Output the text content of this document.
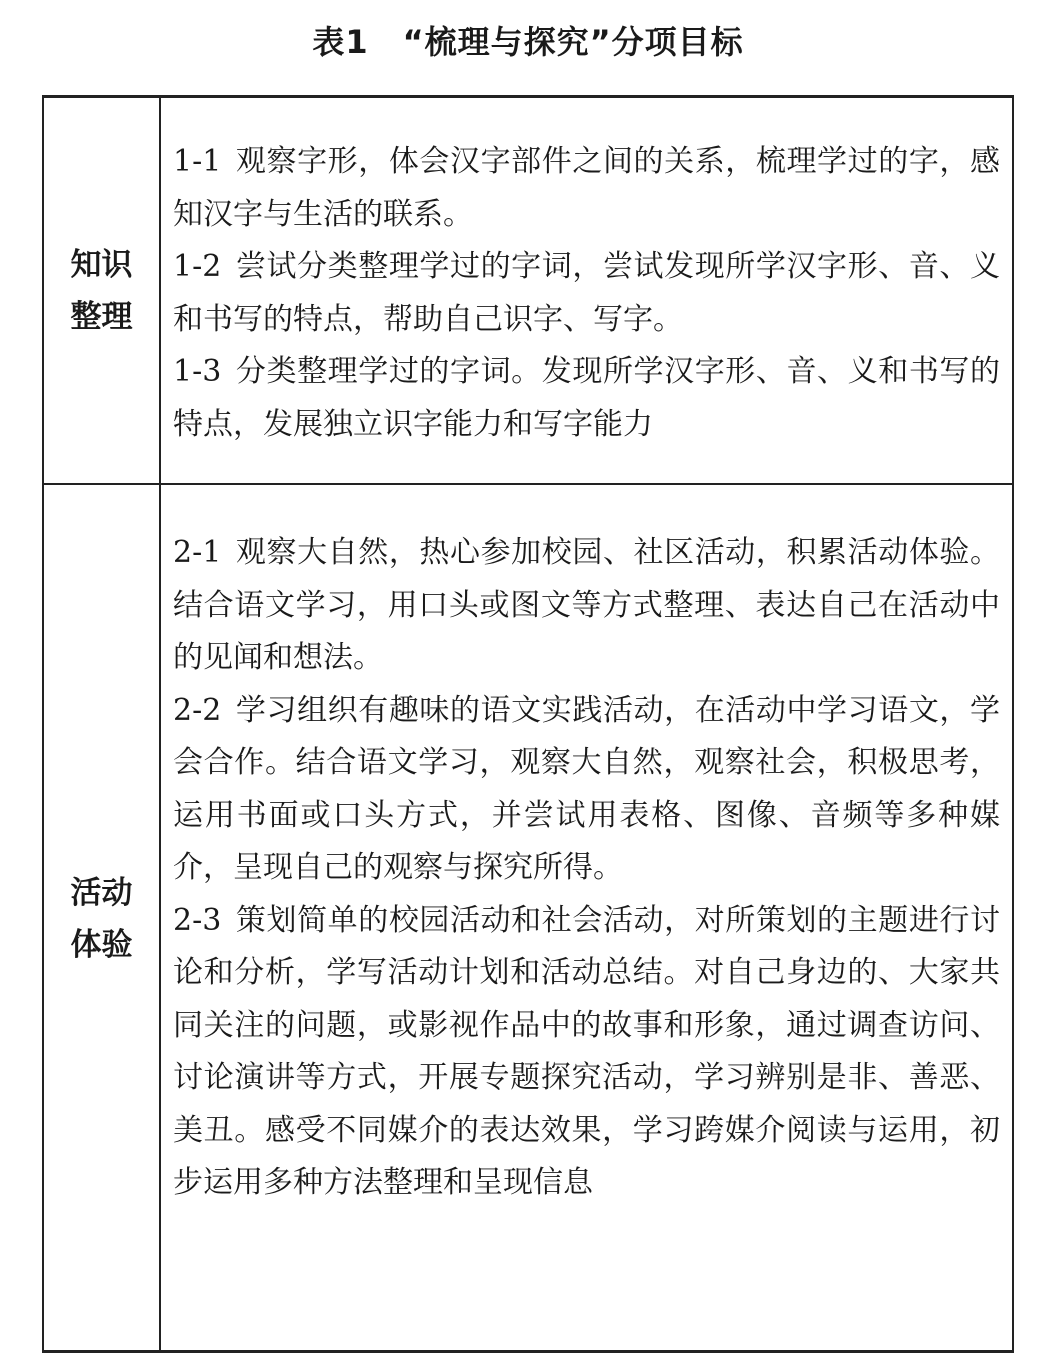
表1 “梳理与探究”分项目标
知识整理

1-1 观察字形，体会汉字部件之间的关系，梳理学过的字，感知汉字与生活的联系。

1-2 尝试分类整理学过的字词，尝试发现所学汉字形、音、义和书写的特点，帮助自己识字、写字。

1-3 分类整理学过的字词。发现所学汉字形、音、义和书写的特点，发展独立识字能力和写字能力

活动体验

2-1 观察大自然，热心参加校园、社区活动，积累活动体验。结合语文学习，用口头或图文等方式整理、表达自己在活动中的见闻和想法。

2-2 学习组织有趣味的语文实践活动，在活动中学习语文，学会合作。结合语文学习，观察大自然，观察社会，积极思考，运用书面或口头方式，并尝试用表格、图像、音频等多种媒介，呈现自己的观察与探究所得。

2-3 策划简单的校园活动和社会活动，对所策划的主题进行讨论和分析，学写活动计划和活动总结。对自己身边的、大家共同关注的问题，或影视作品中的故事和形象，通过调查访问、讨论演讲等方式，开展专题探究活动，学习辨别是非、善恶、美丑。感受不同媒介的表达效果，学习跨媒介阅读与运用，初步运用多种方法整理和呈现信息
